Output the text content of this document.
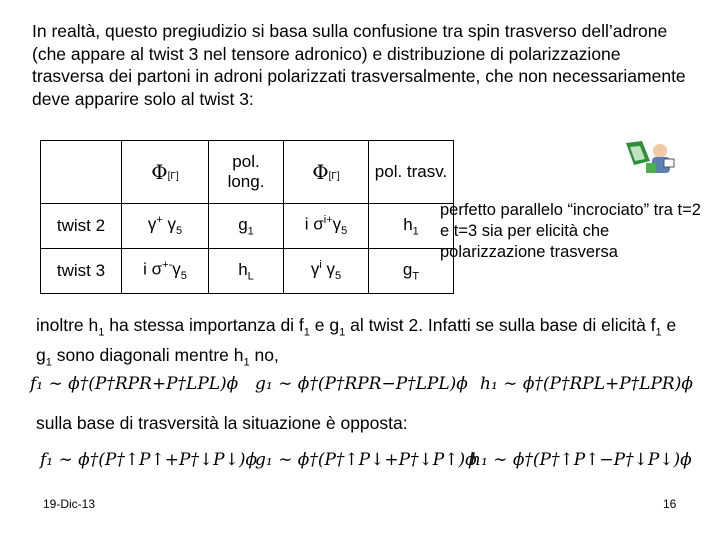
In realtà, questo pregiudizio si basa sulla confusione tra spin trasverso dell’adrone (che appare al twist 3 nel tensore adronico) e distribuzione di polarizzazione trasversa dei partoni in adroni polarizzati trasversalmente, che non necessariamente deve apparire solo al twist 3:
	Φ[Γ]	pol. long.	Φ[Γ]	pol. trasv.
twist 2	γ+ $\gamma_5$	$g_1$	i $\sigma^{i+}\gamma_5$	$h_1$
twist 3	i $\sigma^{+-}\gamma_5$	$h_L$	$\gamma^i$ $\gamma_5$	$g_T$
perfetto parallelo “incrociato” tra t=2 e t=3 sia per elicità che polarizzazione trasversa
inoltre $h_1$ ha stessa importanza di $f_1$ e $g_1$ al twist 2. Infatti se sulla base di elicità $f_1$ e $g_1$ sono diagonali mentre $h_1$ no,
f₁ ∼ ϕ†(P†RPR+P†LPL)ϕ g₁ ∼ ϕ†(P†RPR−P†LPL)ϕ h₁ ∼ ϕ†(P†RPL+P†LPR)ϕ
sulla base di trasversità la situazione è opposta:
f₁ ∼ ϕ†(P†↑P↑+P†↓P↓)ϕ
g₁ ∼ ϕ†(P†↑P↓+P†↓P↑)ϕ
h₁ ∼ ϕ†(P†↑P↑−P†↓P↓)ϕ
19-Dic-13	16
